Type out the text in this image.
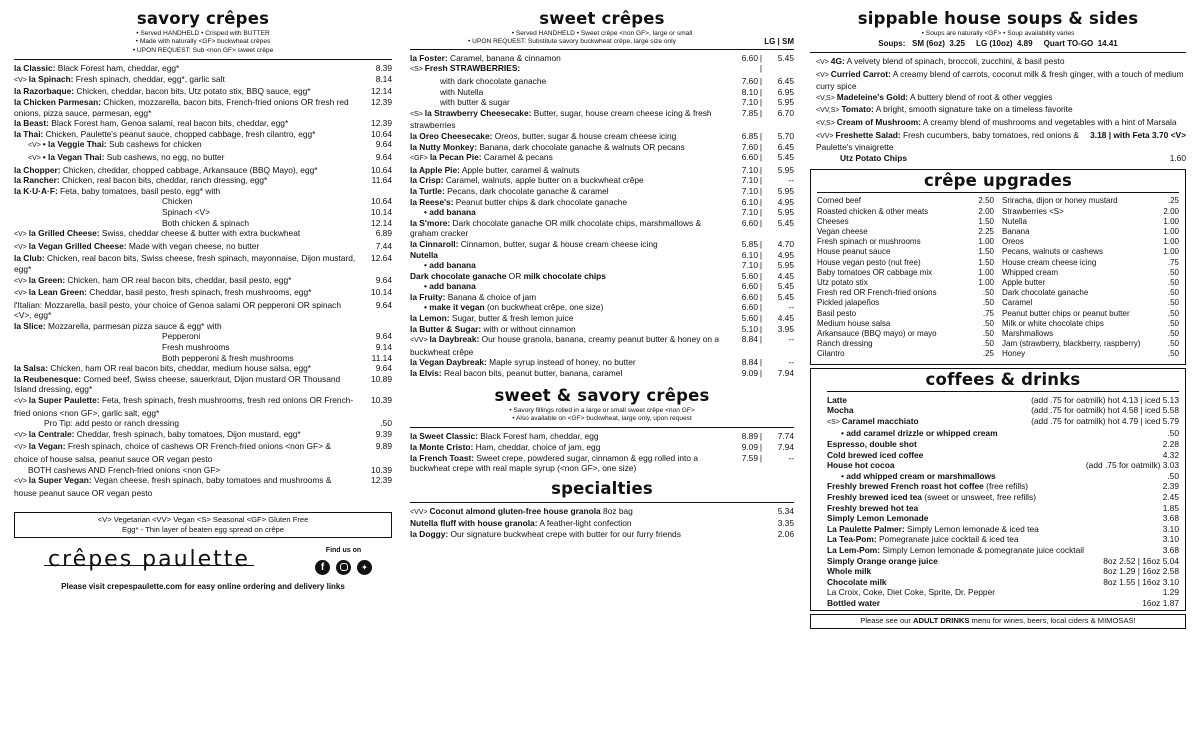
savory crêpes
• Served HANDHELD • Crisped with BUTTER
• Made with naturally <GF> buckwheat crêpes
• UPON REQUEST: Sub <non GF> sweet crêpe
la Classic: Black Forest ham, cheddar, egg*	8.39
<V> la Spinach: Fresh spinach, cheddar, egg*, garlic salt	8.14
la Razorbaque: Chicken, cheddar, bacon bits, Utz potato stix, BBQ sauce, egg*	12.14
la Chicken Parmesan: Chicken, mozzarella, bacon bits, French-fried onions OR fresh red onions, pizza sauce, parmesan, egg*
12.39
la Beast: Black Forest ham, Genoa salami, real bacon bits, cheddar, egg*	12.39
la Thai: Chicken, Paulette's peanut sauce, chopped cabbage, fresh cilantro, egg*	10.64
<V> • la Veggie Thai: Sub cashews for chicken	9.64
<V> • la Vegan Thai: Sub cashews, no egg, no butter	9.64
la Chopper: Chicken, cheddar, chopped cabbage, Arkansauce (BBQ Mayo), egg*	10.64
la Rancher: Chicken, real bacon bits, cheddar, ranch dressing, egg*	11.64
la K·U·A·F: Feta, baby tomatoes, basil pesto, egg* with
Chicken	10.64
Spinach <V>	10.14
Both chicken & spinach	12.14
<V> la Grilled Cheese: Swiss, cheddar cheese & butter with extra buckwheat	6.89
<V> la Vegan Grilled Cheese: Made with vegan cheese, no butter	7.44
la Club: Chicken, real bacon bits, Swiss cheese, fresh spinach, mayonnaise, Dijon mustard, egg*
12.64
<V> la Green: Chicken, ham OR real bacon bits, cheddar, basil pesto, egg*	9.64
<V> la Lean Green: Cheddar, basil pesto, fresh spinach, fresh mushrooms, egg*	10.14
l'Italian: Mozzarella, basil pesto, your choice of Genoa salami OR pepperoni OR spinach <V>, egg*
9.64
la Slice: Mozzarella, parmesan pizza sauce & egg* with
Pepperoni	9.64
Fresh mushrooms	9.14
Both pepperoni & fresh mushrooms	11.14
la Salsa: Chicken, ham OR real bacon bits, cheddar, medium house salsa, egg*	9.64
la Reubenesque: Corned beef, Swiss cheese, sauerkraut, Dijon mustard OR Thousand Island dressing, egg*
10.89
<V> la Super Paulette: Feta, fresh spinach, fresh mushrooms, fresh red onions OR French-fried onions <non GF>, garlic salt, egg*
10.39
Pro Tip: add pesto or ranch dressing	.50
<V> la Centrale: Cheddar, fresh spinach, baby tomatoes, Dijon mustard, egg*	9.39
<V> la Vegan: Fresh spinach, choice of cashews OR French-fried onions <non GF> & choice of house salsa, peanut sauce OR vegan pesto
9.89
BOTH cashews AND French-fried onions <non GF>	10.39
<V> la Super Vegan: Vegan cheese, fresh spinach, baby tomatoes and mushrooms & house peanut sauce OR vegan pesto
12.39
<V> Vegetarian <VV> Vegan <S> Seasonal <GF> Gluten Free
Egg* - Thin layer of beaten egg spread on crêpe
crêpes paulette	Find us on
f	✦
Please visit crepespaulette.com for easy online ordering and delivery links
sweet crêpes
• Served HANDHELD • Sweet crêpe <non GF>, large or small
• UPON REQUEST: Substitute savory buckwheat crêpe, large size only	LG | SM
la Foster: Caramel, banana & cinnamon	6.60 |	5.45
<S> Fresh STRAWBERRIES:	|
with dark chocolate ganache	7.60 |	6.45
with Nutella	8.10 |	6.95
with butter & sugar	7.10 |	5.95
<S> la Strawberry Cheesecake: Butter, sugar, house cream cheese icing & fresh strawberries
7.85 |	6.70
la Oreo Cheesecake: Oreos, butter, sugar & house cream cheese icing	6.85 |	5.70
la Nutty Monkey: Banana, dark chocolate ganache & walnuts OR pecans	7.60 |	6.45
<GF> la Pecan Pie: Caramel & pecans	6.60 |	5.45
la Apple Pie: Apple butter, caramel & walnuts	7.10 |	5.95
la Crisp: Caramel, walnuts, apple butter on a buckwheat crêpe	7.10 |	--
la Turtle: Pecans, dark chocolate ganache & caramel	7.10 |	5.95
la Reese's: Peanut butter chips & dark chocolate ganache	6.10 |	4.95
• add banana	7.10 |	5.95
la S'more: Dark chocolate ganache OR milk chocolate chips, marshmallows & graham cracker
6.60 |	5.45
la Cinnaroll: Cinnamon, butter, sugar & house cream cheese icing	5.85 |	4.70
Nutella	6.10 |	4.95
• add banana	7.10 |	5.95
Dark chocolate ganache OR milk chocolate chips	5.60 |	4.45
• add banana	6.60 |	5.45
la Fruity: Banana & choice of jam	6.60 |	5.45
• make it vegan (on buckwheat crêpe, one size)	6.60 |	--
la Lemon: Sugar, butter & fresh lemon juice	5.60 |	4.45
la Butter & Sugar: with or without cinnamon	5.10 |	3.95
<VV> la Daybreak: Our house granola, banana, creamy peanut butter & honey on a buckwheat crêpe
8.84 |	--
la Vegan Daybreak: Maple syrup instead of honey, no butter	8.84 |	--
la Elvis: Real bacon bits, peanut butter, banana, caramel	9.09 |	7.94
sweet & savory crêpes
• Savory fillings rolled in a large or small sweet crêpe <non GF>
• Also available on <GF> buckwheat, large only, upon request
la Sweet Classic: Black Forest ham, cheddar, egg	8.89 |	7.74
la Monte Cristo: Ham, cheddar, choice of jam, egg	9.09 |	7.94
la French Toast: Sweet crepe, powdered sugar, cinnamon & egg rolled into a buckwheat crepe with real maple syrup (<non GF>, one size)
7.59 |	--
specialties
<VV> Coconut almond gluten-free house granola 8oz bag	5.34
Nutella fluff with house granola: A feather-light confection	3.35
la Doggy: Our signature buckwheat crepe with butter for our furry friends	2.06
sippable house soups & sides
• Soups are naturally <GF> • Soup availability varies
Soups:   SM (6oz)  3.25     LG (10oz)  4.89     Quart TO-GO  14.41
<V> 4G: A velvety blend of spinach, broccoli, zucchini, & basil pesto
<V> Curried Carrot: A creamy blend of carrots, coconut milk & fresh ginger, with a touch of medium curry spice
<V,S> Madeleine's Gold: A buttery blend of root & other veggies
<VV,S> Tomato: A bright, smooth signature take on a timeless favorite
<V,S> Cream of Mushroom: A creamy blend of mushrooms and vegetables with a hint of Marsala
<VV> Freshette Salad: Fresh cucumbers, baby tomatoes, red onions & Paulette's vinaigrette
3.18 | with Feta 3.70 <V>
Utz Potato Chips	1.60
crêpe upgrades
Corned beef	2.50
Roasted chicken & other meats	2.00
Cheeses	1.50
Vegan cheese	2.25
Fresh spinach or mushrooms	1.00
House peanut sauce	1.50
House vegan pesto (nut free)	1.50
Baby tomatoes OR cabbage mix	1.00
Utz potato stix	1.00
Fresh red OR French-fried onions	.50
Pickled jalapeños	.50
Basil pesto	.75
Medium house salsa	.50
Arkansauce (BBQ mayo) or mayo	.50
Ranch dressing	.50
Cilantro	.25
Sriracha, dijon or honey mustard	.25
Strawberries <S>	2.00
Nutella	1.00
Banana	1.00
Oreos	1.00
Pecans, walnuts or cashews	1.00
House cream cheese icing	.75
Whipped cream	.50
Apple butter	.50
Dark chocolate ganache	.50
Caramel	.50
Peanut butter chips or peanut butter	.50
Milk or white chocolate chips	.50
Marshmallows	.50
Jam (strawberry, blackberry, raspberry)	.50
Honey	.50
coffees & drinks
Latte	(add .75 for oatmilk) hot 4.13 | iced 5.13
Mocha	(add .75 for oatmilk) hot 4.58 | iced 5.58
<S> Caramel macchiato	(add .75 for oatmilk) hot 4.79 | iced 5.79
• add caramel drizzle or whipped cream	.50
Espresso, double shot	2.28
Cold brewed iced coffee	4.32
House hot cocoa	(add .75 for oatmilk) 3.03
• add whipped cream or marshmallows	.50
Freshly brewed French roast hot coffee (free refills)	2.39
Freshly brewed iced tea (sweet or unsweet, free refills)	2.45
Freshly brewed hot tea	1.85
Simply Lemon Lemonade	3.68
La Paulette Palmer: Simply Lemon lemonade & iced tea	3.10
La Tea-Pom: Pomegranate juice cocktail & iced tea	3.10
La Lem-Pom: Simply Lemon lemonade & pomegranate juice cocktail	3.68
Simply Orange orange juice	8oz 2.52 | 16oz 5.04
Whole milk	8oz 1.29 | 16oz 2.58
Chocolate milk	8oz 1.55 | 16oz 3.10
La Croix, Coke, Diet Coke, Sprite, Dr. Pepper	1.29
Bottled water	16oz 1.87
Please see our ADULT DRINKS menu for wines, beers, local ciders & MIMOSAS!
